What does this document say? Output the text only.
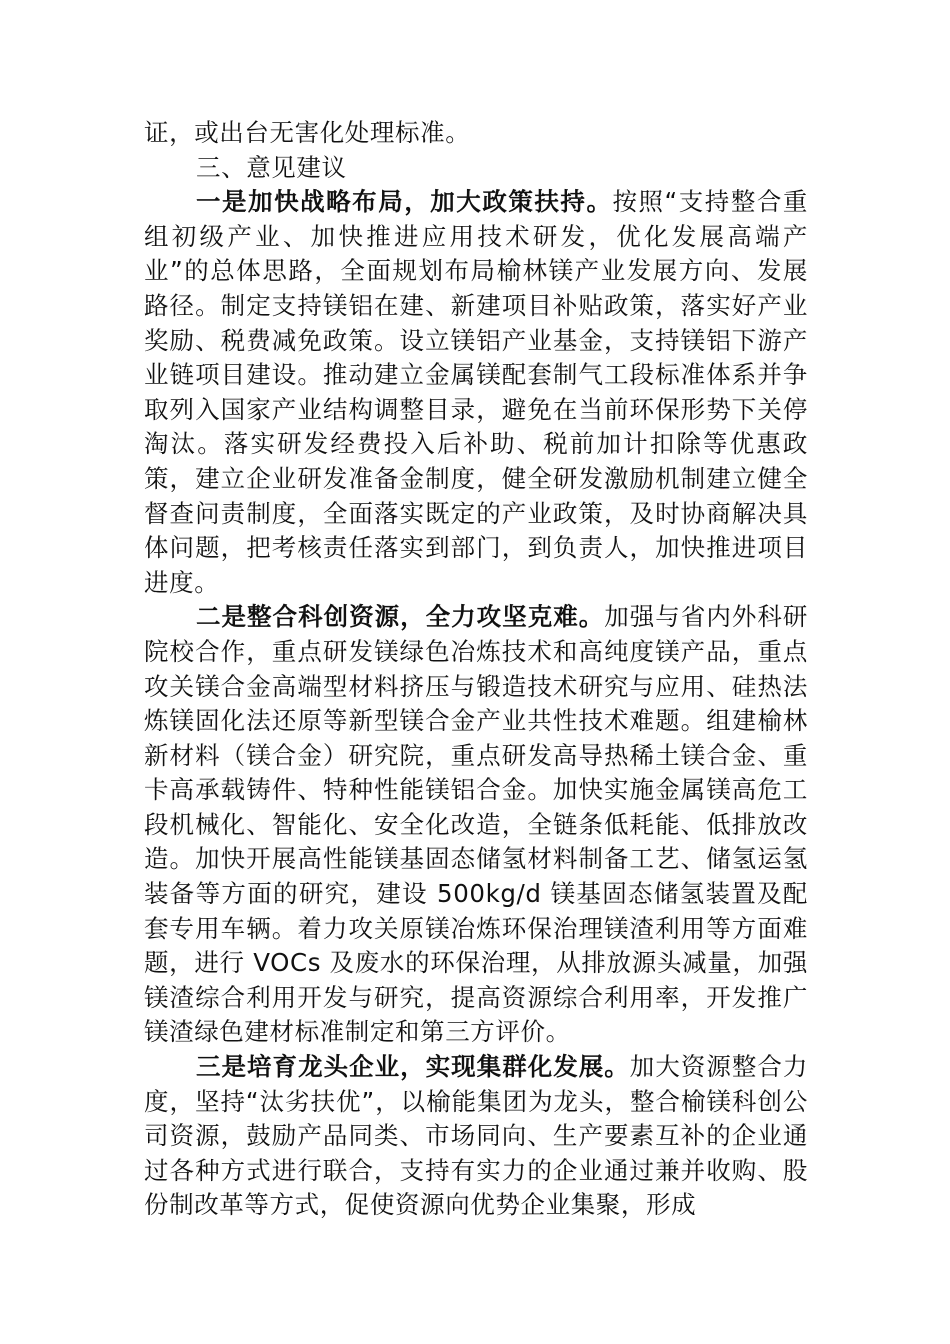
证，或出台无害化处理标准。

三、意见建议

一是加快战略布局，加大政策扶持。按照“支持整合重组初级产业、加快推进应用技术研发，优化发展高端产业”的总体思路，全面规划布局榆林镁产业发展方向、发展路径。制定支持镁铝在建、新建项目补贴政策，落实好产业奖励、税费减免政策。设立镁铝产业基金，支持镁铝下游产业链项目建设。推动建立金属镁配套制气工段标准体系并争取列入国家产业结构调整目录，避免在当前环保形势下关停淘汰。落实研发经费投入后补助、税前加计扣除等优惠政策，建立企业研发准备金制度，健全研发激励机制建立健全督查问责制度，全面落实既定的产业政策，及时协商解决具体问题，把考核责任落实到部门，到负责人，加快推进项目进度。

二是整合科创资源，全力攻坚克难。加强与省内外科研院校合作，重点研发镁绿色冶炼技术和高纯度镁产品，重点攻关镁合金高端型材料挤压与锻造技术研究与应用、硅热法炼镁固化法还原等新型镁合金产业共性技术难题。组建榆林新材料（镁合金）研究院，重点研发高导热稀土镁合金、重卡高承载铸件、特种性能镁铝合金。加快实施金属镁高危工段机械化、智能化、安全化改造，全链条低耗能、低排放改造。加快开展高性能镁基固态储氢材料制备工艺、储氢运氢装备等方面的研究，建设 500kg/d 镁基固态储氢装置及配套专用车辆。着力攻关原镁冶炼环保治理镁渣利用等方面难题，进行 VOCs 及废水的环保治理，从排放源头减量，加强镁渣综合利用开发与研究，提高资源综合利用率，开发推广镁渣绿色建材标准制定和第三方评价。

三是培育龙头企业，实现集群化发展。加大资源整合力度，坚持“汰劣扶优”，以榆能集团为龙头，整合榆镁科创公司资源，鼓励产品同类、市场同向、生产要素互补的企业通过各种方式进行联合，支持有实力的企业通过兼并收购、股份制改革等方式，促使资源向优势企业集聚，形成
